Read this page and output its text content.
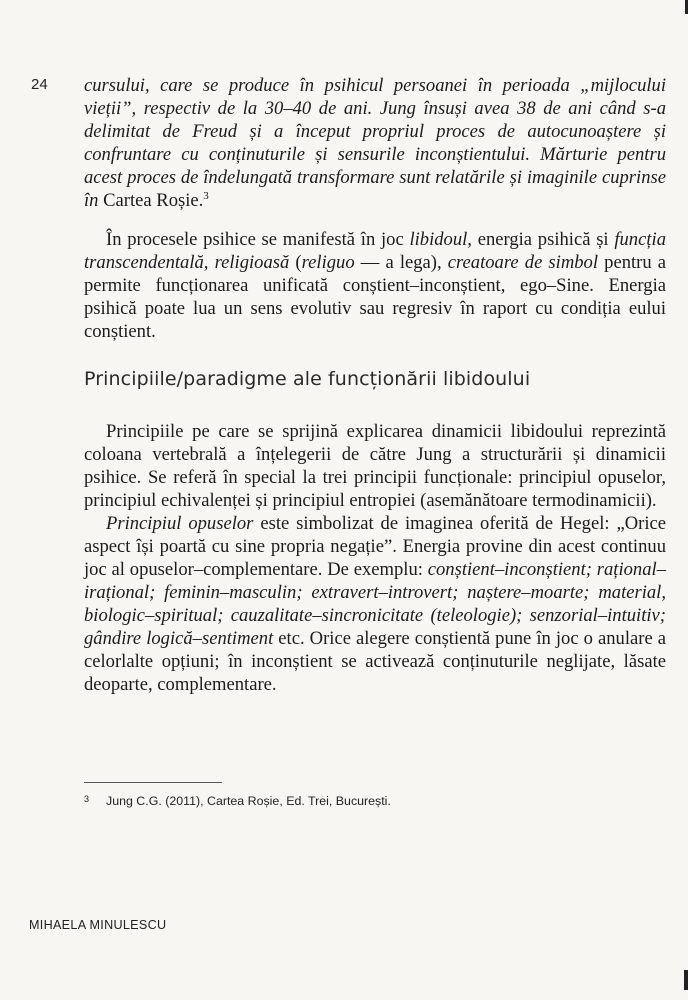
24 cursului, care se produce în psihicul persoanei în perioada „mijlocului vieții”, respectiv de la 30–40 de ani. Jung însuși avea 38 de ani când s-a delimitat de Freud și a început propriul proces de autocunoaștere și confruntare cu conținuturile și sensurile inconștientului. Mărturie pentru acest proces de îndelungată transformare sunt relatările și imaginile cuprinse în Cartea Roșie.$^3$

În procesele psihice se manifestă în joc libidoul, energia psihică și funcția transcendentală, religioasă (religuo — a lega), creatoare de simbol pentru a permite funcționarea unificată conștient–inconștient, ego–Sine. Energia psihică poate lua un sens evolutiv sau regresiv în raport cu condiția eului conștient.

Principiile/paradigme ale funcționării libidoului

Principiile pe care se sprijină explicarea dinamicii libidoului reprezintă coloana vertebrală a înțelegerii de către Jung a structurării și dinamicii psihice. Se referă în special la trei principii funcționale: principiul opuselor, principiul echivalenței și principiul entropiei (asemănătoare termodinamicii).

Principiul opuselor este simbolizat de imaginea oferită de Hegel: „Orice aspect își poartă cu sine propria negație”. Energia provine din acest continuu joc al opuselor–complementare. De exemplu: conștient–inconștient; rațional–irațional; feminin–masculin; extravert–introvert; naștere–moarte; material, biologic–spiritual; cauzalitate–sincronicitate (teleologie); senzorial–intuitiv; gândire logică–sentiment etc. Orice alegere conștientă pune în joc o anulare a celorlalte opțiuni; în inconștient se activează conținuturile neglijate, lăsate deoparte, complementare.

3 Jung C.G. (2011), Cartea Roșie, Ed. Trei, București.
MIHAELA MINULESCU
